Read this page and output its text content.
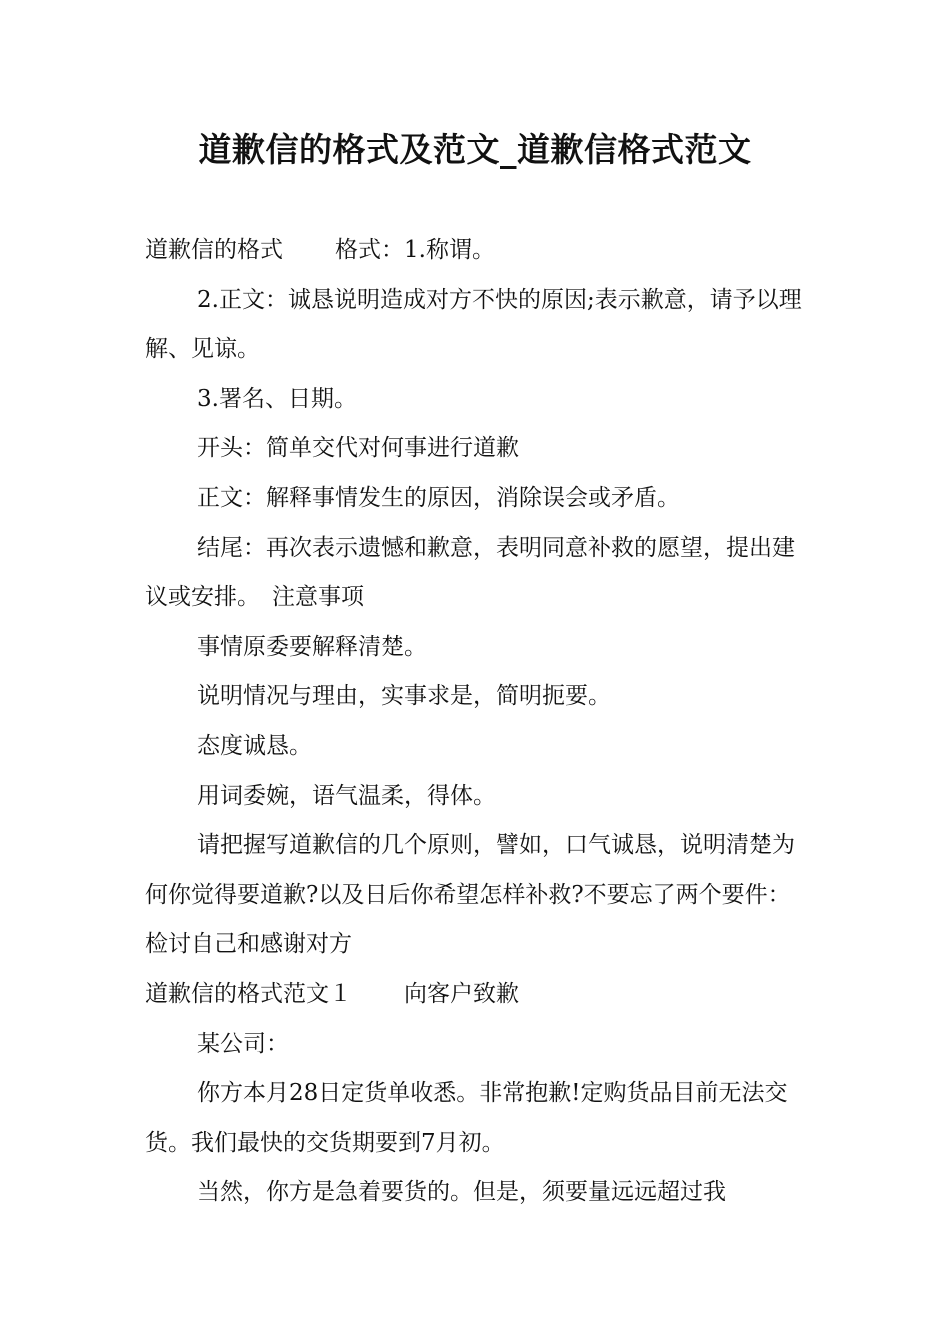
道歉信的格式及范文_道歉信格式范文

道歉信的格式 格式：1.称谓。

2.正文：诚恳说明造成对方不快的原因;表示歉意，请予以理解、见谅。

3.署名、日期。

开头：简单交代对何事进行道歉

正文：解释事情发生的原因，消除误会或矛盾。

结尾：再次表示遗憾和歉意，表明同意补救的愿望，提出建议或安排。 注意事项

事情原委要解释清楚。

说明情况与理由，实事求是，简明扼要。

态度诚恳。

用词委婉，语气温柔，得体。

请把握写道歉信的几个原则，譬如，口气诚恳，说明清楚为何你觉得要道歉?以及日后你希望怎样补救?不要忘了两个要件：检讨自己和感谢对方

道歉信的格式范文１ 向客户致歉

某公司：

你方本月28日定货单收悉。非常抱歉!定购货品目前无法交货。我们最快的交货期要到7月初。

当然，你方是急着要货的。但是，须要量远远超过我
